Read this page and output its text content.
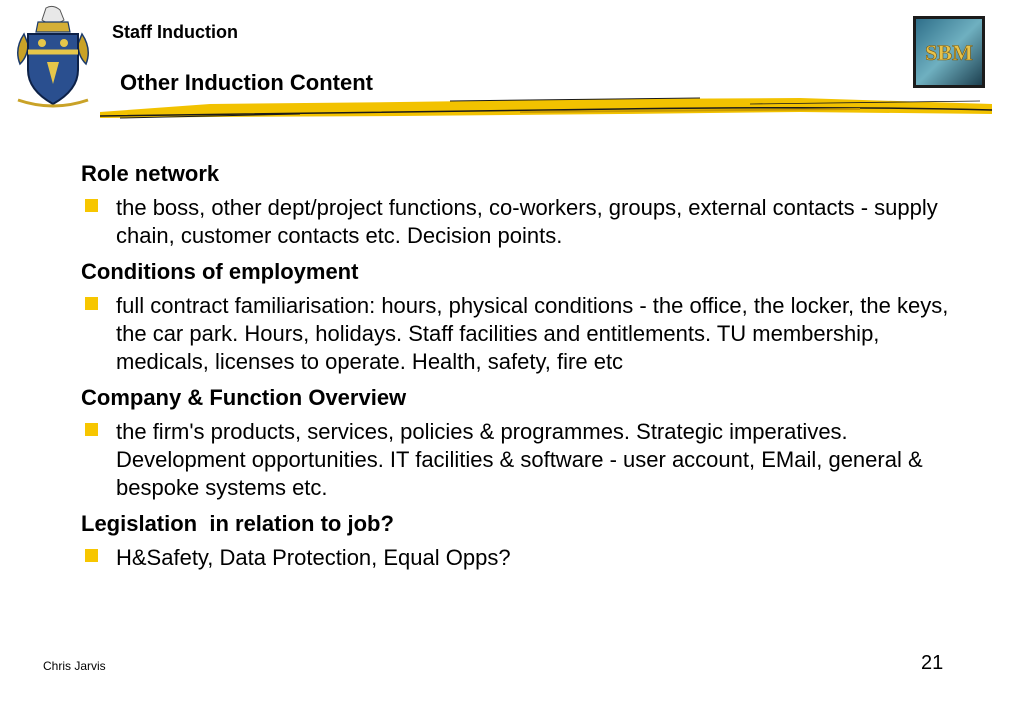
Staff Induction
Other Induction Content
SBM
Role network
the boss, other dept/project functions, co-workers, groups, external contacts - supply chain, customer contacts etc. Decision points.
Conditions of employment
full contract familiarisation: hours, physical conditions - the office, the locker, the keys, the car park. Hours, holidays. Staff facilities and entitlements. TU membership, medicals, licenses to operate. Health, safety, fire etc
Company & Function Overview
the firm's products, services, policies & programmes. Strategic imperatives. Development opportunities. IT facilities & software - user account, EMail, general & bespoke systems etc.
Legislation  in relation to job?
H&Safety, Data Protection, Equal Opps?
Chris Jarvis	21
